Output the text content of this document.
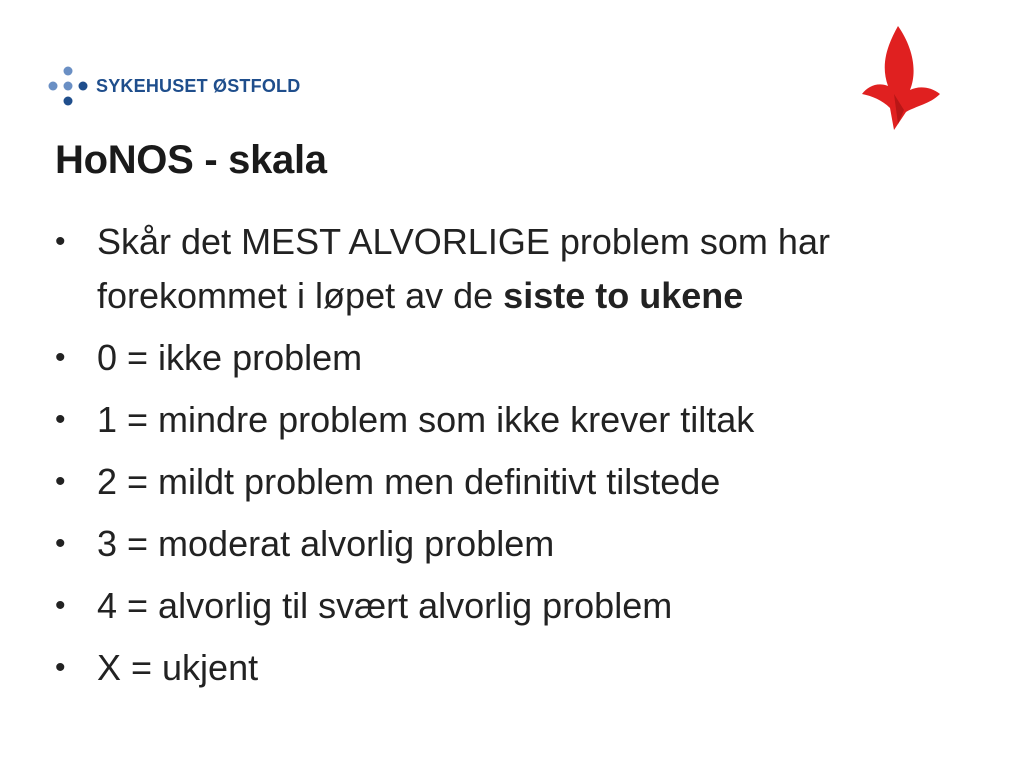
SYKEHUSET ØSTFOLD
HoNOS - skala
• Skår det MEST ALVORLIGE problem som har forekommet i løpet av de siste to ukene
• 0 = ikke problem
• 1 = mindre problem som ikke krever tiltak
• 2 = mildt problem men definitivt tilstede
• 3 = moderat alvorlig problem
• 4 = alvorlig til svært alvorlig problem
• X = ukjent
